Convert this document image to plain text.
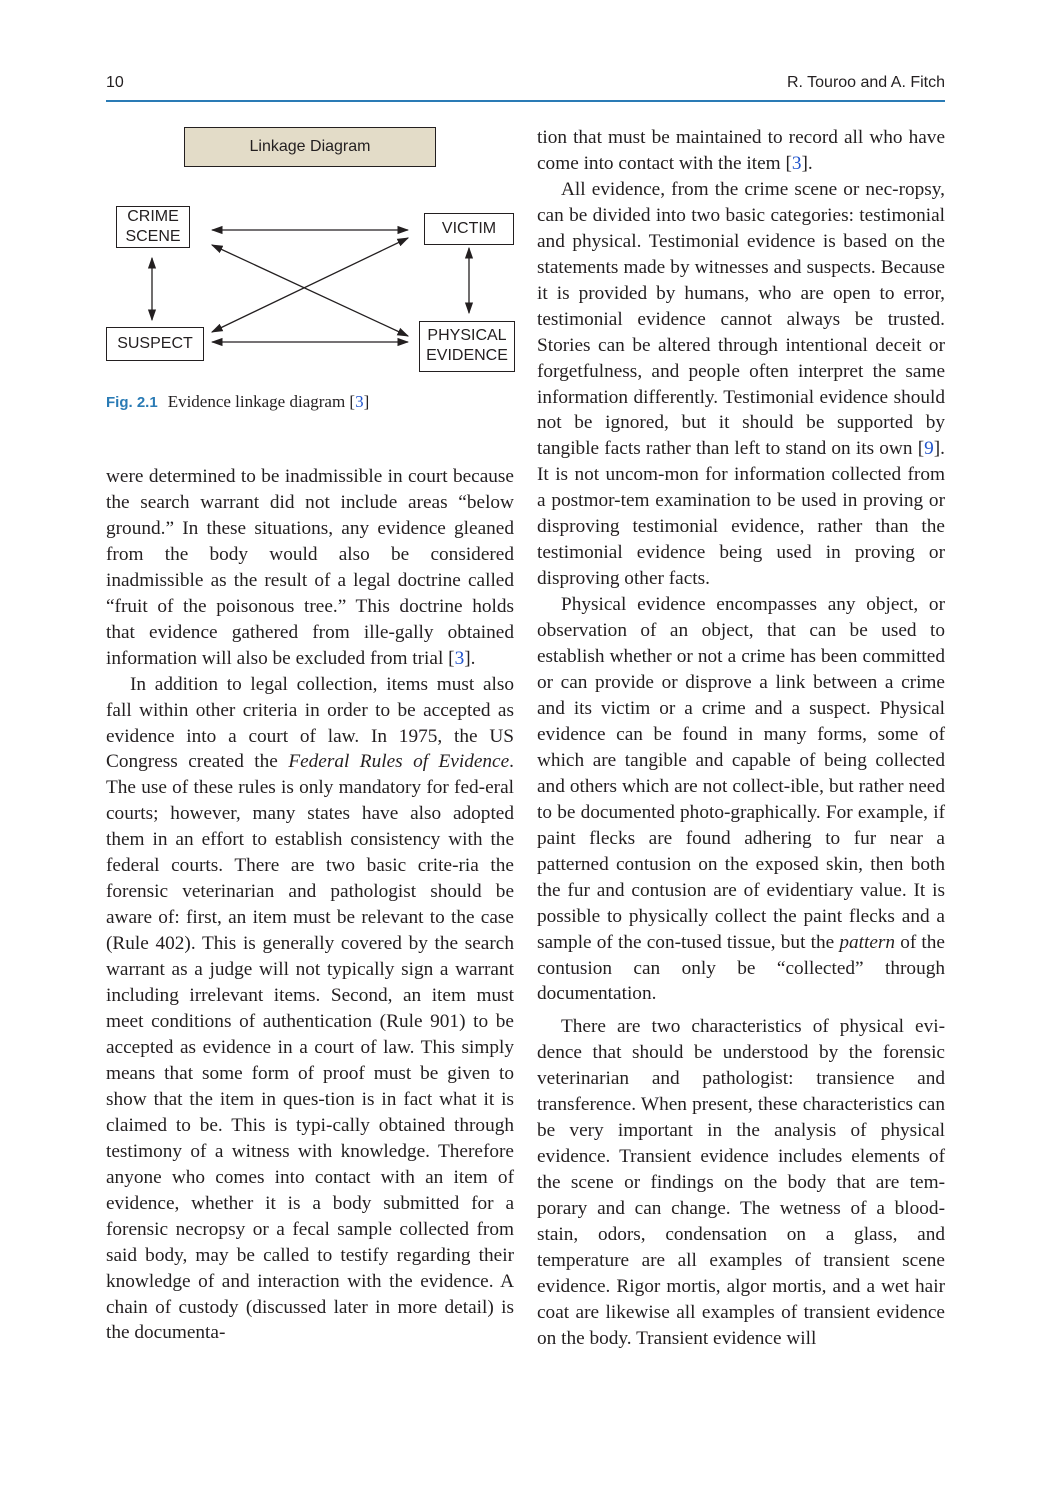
10	R. Touroo and A. Fitch
Linkage Diagram
CRIME
SCENE	VICTIM
SUSPECT	PHYSICAL
EVIDENCE
Fig. 2.1 Evidence linkage diagram [3]

were determined to be inadmissible in court because the search warrant did not include areas “below ground.” In these situations, any evidence gleaned from the body would also be considered inadmissible as the result of a legal doctrine called “fruit of the poisonous tree.” This doctrine holds that evidence gathered from ille-gally obtained information will also be excluded from trial [3].

In addition to legal collection, items must also fall within other criteria in order to be accepted as evidence into a court of law. In 1975, the US Congress created the Federal Rules of Evidence. The use of these rules is only mandatory for fed-eral courts; however, many states have also adopted them in an effort to establish consistency with the federal courts. There are two basic crite-ria the forensic veterinarian and pathologist should be aware of: first, an item must be relevant to the case (Rule 402). This is generally covered by the search warrant as a judge will not typically sign a warrant including irrelevant items. Second, an item must meet conditions of authentication (Rule 901) to be accepted as evidence in a court of law. This simply means that some form of proof must be given to show that the item in ques-tion is in fact what it is claimed to be. This is typi-cally obtained through testimony of a witness with knowledge. Therefore anyone who comes into contact with an item of evidence, whether it is a body submitted for a forensic necropsy or a fecal sample collected from said body, may be called to testify regarding their knowledge of and interaction with the evidence. A chain of custody (discussed later in more detail) is the documenta-

tion that must be maintained to record all who have come into contact with the item [3].

All evidence, from the crime scene or nec-ropsy, can be divided into two basic categories: testimonial and physical. Testimonial evidence is based on the statements made by witnesses and suspects. Because it is provided by humans, who are open to error, testimonial evidence cannot always be trusted. Stories can be altered through intentional deceit or forgetfulness, and people often interpret the same information differently. Testimonial evidence should not be ignored, but it should be supported by tangible facts rather than left to stand on its own [9]. It is not uncom-mon for information collected from a postmor-tem examination to be used in proving or disproving testimonial evidence, rather than the testimonial evidence being used in proving or disproving other facts.

Physical evidence encompasses any object, or observation of an object, that can be used to establish whether or not a crime has been committed or can provide or disprove a link between a crime and its victim or a crime and a suspect. Physical evidence can be found in many forms, some of which are tangible and capable of being collected and others which are not collect-ible, but rather need to be documented photo-graphically. For example, if paint flecks are found adhering to fur near a patterned contusion on the exposed skin, then both the fur and contusion are of evidentiary value. It is possible to physically collect the paint flecks and a sample of the con-tused tissue, but the pattern of the contusion can only be “collected” through documentation.

There are two characteristics of physical evi-dence that should be understood by the forensic veterinarian and pathologist: transience and transference. When present, these characteristics can be very important in the analysis of physical evidence. Transient evidence includes elements of the scene or findings on the body that are tem-porary and can change. The wetness of a blood-stain, odors, condensation on a glass, and temperature are all examples of transient scene evidence. Rigor mortis, algor mortis, and a wet hair coat are likewise all examples of transient evidence on the body. Transient evidence will
